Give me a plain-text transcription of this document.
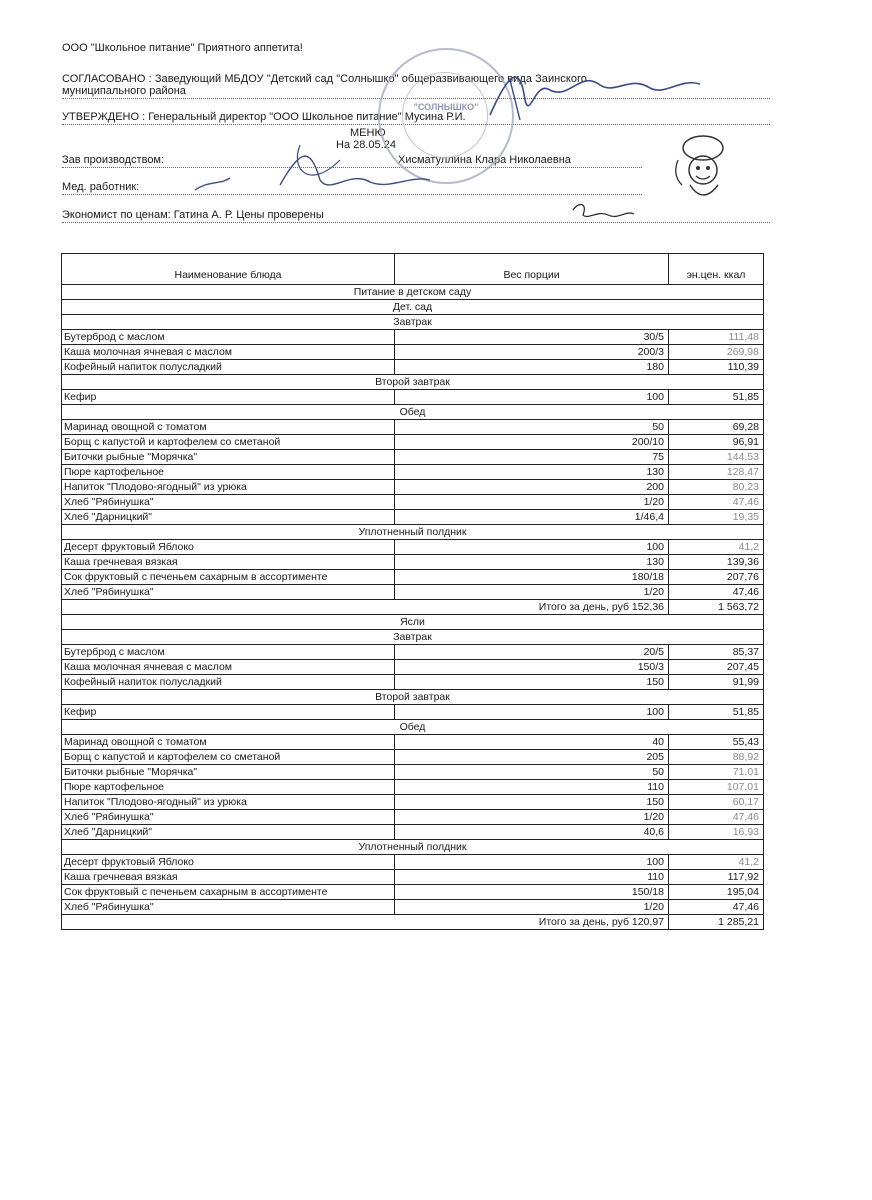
ООО "Школьное питание" Приятного аппетита!
СОГЛАСОВАНО : Заведующий МБДОУ "Детский сад "Солнышко" общеразвивающего вида Заинского
муниципального района
УТВЕРЖДЕНО : Генеральный директор "ООО Школьное питание" Мусина Р.И.
МЕНЮ
На 28.05.24
Зав производством:	Хисматуллина Клара Николаевна
Мед. работник:
Экономист по ценам: Гатина А. Р. Цены проверены
"СОЛНЫШКО"
Наименование блюда	Вес порции	эн.цен. ккал
Питание в детском саду		
Дет. сад		
Завтрак		
Бутерброд с маслом	30/5	111,48
Каша молочная ячневая с маслом	200/3	269,98
Кофейный напиток полусладкий	180	110,39
Второй завтрак		
Кефир	100	51,85
Обед		
Маринад овощной с томатом	50	69,28
Борщ с капустой и картофелем со сметаной	200/10	96,91
Биточки рыбные "Морячка"	75	144,53
Пюре картофельное	130	128,47
Напиток "Плодово-ягодный" из урюка	200	80,23
Хлеб "Рябинушка"	1/20	47,46
Хлеб "Дарницкий"	1/46,4	19,35
Уплотненный полдник		
Десерт фруктовый Яблоко	100	41,2
Каша гречневая вязкая	130	139,36
Сок фруктовый с печеньем сахарным в ассортименте	180/18	207,76
Хлеб "Рябинушка"	1/20	47,46
Итого за день, руб 152,36		1 563,72
Ясли		
Завтрак		
Бутерброд с маслом	20/5	85,37
Каша молочная ячневая с маслом	150/3	207,45
Кофейный напиток полусладкий	150	91,99
Второй завтрак		
Кефир	100	51,85
Обед		
Маринад овощной с томатом	40	55,43
Борщ с капустой и картофелем со сметаной	205	88,92
Биточки рыбные "Морячка"	50	71,01
Пюре картофельное	110	107,01
Напиток "Плодово-ягодный" из урюка	150	60,17
Хлеб "Рябинушка"	1/20	47,46
Хлеб "Дарницкий"	40,6	16,93
Уплотненный полдник		
Десерт фруктовый Яблоко	100	41,2
Каша гречневая вязкая	110	117,92
Сок фруктовый с печеньем сахарным в ассортименте	150/18	195,04
Хлеб "Рябинушка"	1/20	47,46
Итого за день, руб 120,97		1 285,21
